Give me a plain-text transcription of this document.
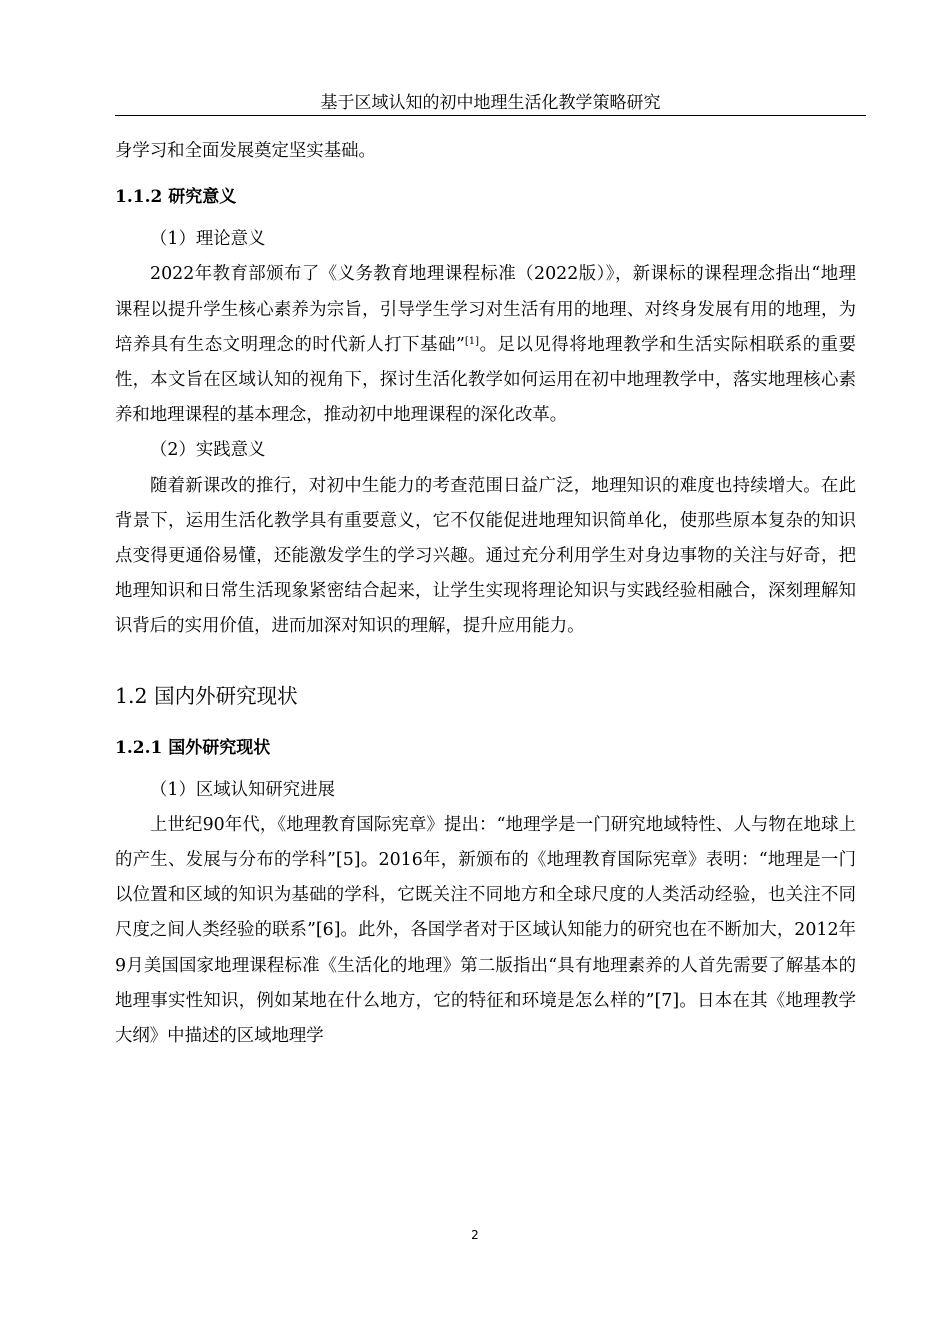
基于区域认知的初中地理生活化教学策略研究

身学习和全面发展奠定坚实基础。

1.1.2 研究意义

（1）理论意义

2022年教育部颁布了《义务教育地理课程标准（2022版）》，新课标的课程理念指出“地理课程以提升学生核心素养为宗旨，引导学生学习对生活有用的地理、对终身发展有用的地理，为培养具有生态文明理念的时代新人打下基础”[1]。足以见得将地理教学和生活实际相联系的重要性，本文旨在区域认知的视角下，探讨生活化教学如何运用在初中地理教学中，落实地理核心素养和地理课程的基本理念，推动初中地理课程的深化改革。

（2）实践意义

随着新课改的推行，对初中生能力的考查范围日益广泛，地理知识的难度也持续增大。在此背景下，运用生活化教学具有重要意义，它不仅能促进地理知识简单化，使那些原本复杂的知识点变得更通俗易懂，还能激发学生的学习兴趣。通过充分利用学生对身边事物的关注与好奇，把地理知识和日常生活现象紧密结合起来，让学生实现将理论知识与实践经验相融合，深刻理解知识背后的实用价值，进而加深对知识的理解，提升应用能力。

1.2 国内外研究现状

1.2.1 国外研究现状

（1）区域认知研究进展

上世纪90年代，《地理教育国际宪章》提出：“地理学是一门研究地域特性、人与物在地球上的产生、发展与分布的学科”[5]。2016年，新颁布的《地理教育国际宪章》表明：“地理是一门以位置和区域的知识为基础的学科，它既关注不同地方和全球尺度的人类活动经验，也关注不同尺度之间人类经验的联系”[6]。此外，各国学者对于区域认知能力的研究也在不断加大，2012年9月美国国家地理课程标准《生活化的地理》第二版指出“具有地理素养的人首先需要了解基本的地理事实性知识，例如某地在什么地方，它的特征和环境是怎么样的”[7]。日本在其《地理教学大纲》中描述的区域地理学

2
